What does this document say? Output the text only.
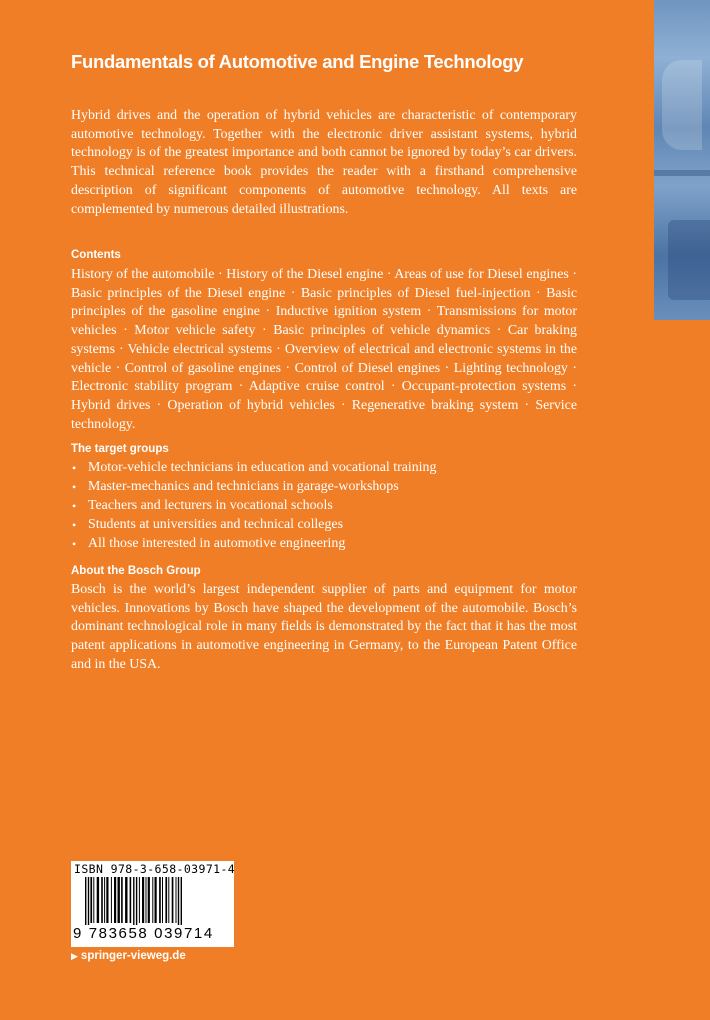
Fundamentals of Automotive and Engine Technology
Hybrid drives and the operation of hybrid vehicles are characteristic of contemporary automotive technology. Together with the electronic driver assistant systems, hybrid technology is of the greatest importance and both cannot be ignored by today’s car drivers. This technical reference book provides the reader with a firsthand comprehensive description of significant components of automotive technology. All texts are complemented by numerous detailed illustrations.
Contents
History of the automobile · History of the Diesel engine · Areas of use for Diesel engines · Basic principles of the Diesel engine · Basic principles of Diesel fuel-injection · Basic principles of the gasoline engine · Inductive ignition system · Transmissions for motor vehicles · Motor vehicle safety · Basic principles of vehicle dynamics · Car braking systems · Vehicle electrical systems · Overview of electrical and electronic systems in the vehicle · Control of gasoline engines · Control of Diesel engines · Lighting technology · Electronic stability program · Adaptive cruise control · Occupant-protection systems · Hybrid drives · Operation of hybrid vehicles · Regenerative braking system · Service technology.
The target groups
• Motor-vehicle technicians in education and vocational training
• Master-mechanics and technicians in garage-workshops
• Teachers and lecturers in vocational schools
• Students at universities and technical colleges
• All those interested in automotive engineering
About the Bosch Group
Bosch is the world’s largest independent supplier of parts and equipment for motor vehicles. Innovations by Bosch have shaped the development of the automobile. Bosch’s dominant technological role in many fields is demonstrated by the fact that it has the most patent applications in automotive engineering in Germany, to the European Patent Office and in the USA.
ISBN 978-3-658-03971-4
9 783658 039714
▶ springer-vieweg.de
